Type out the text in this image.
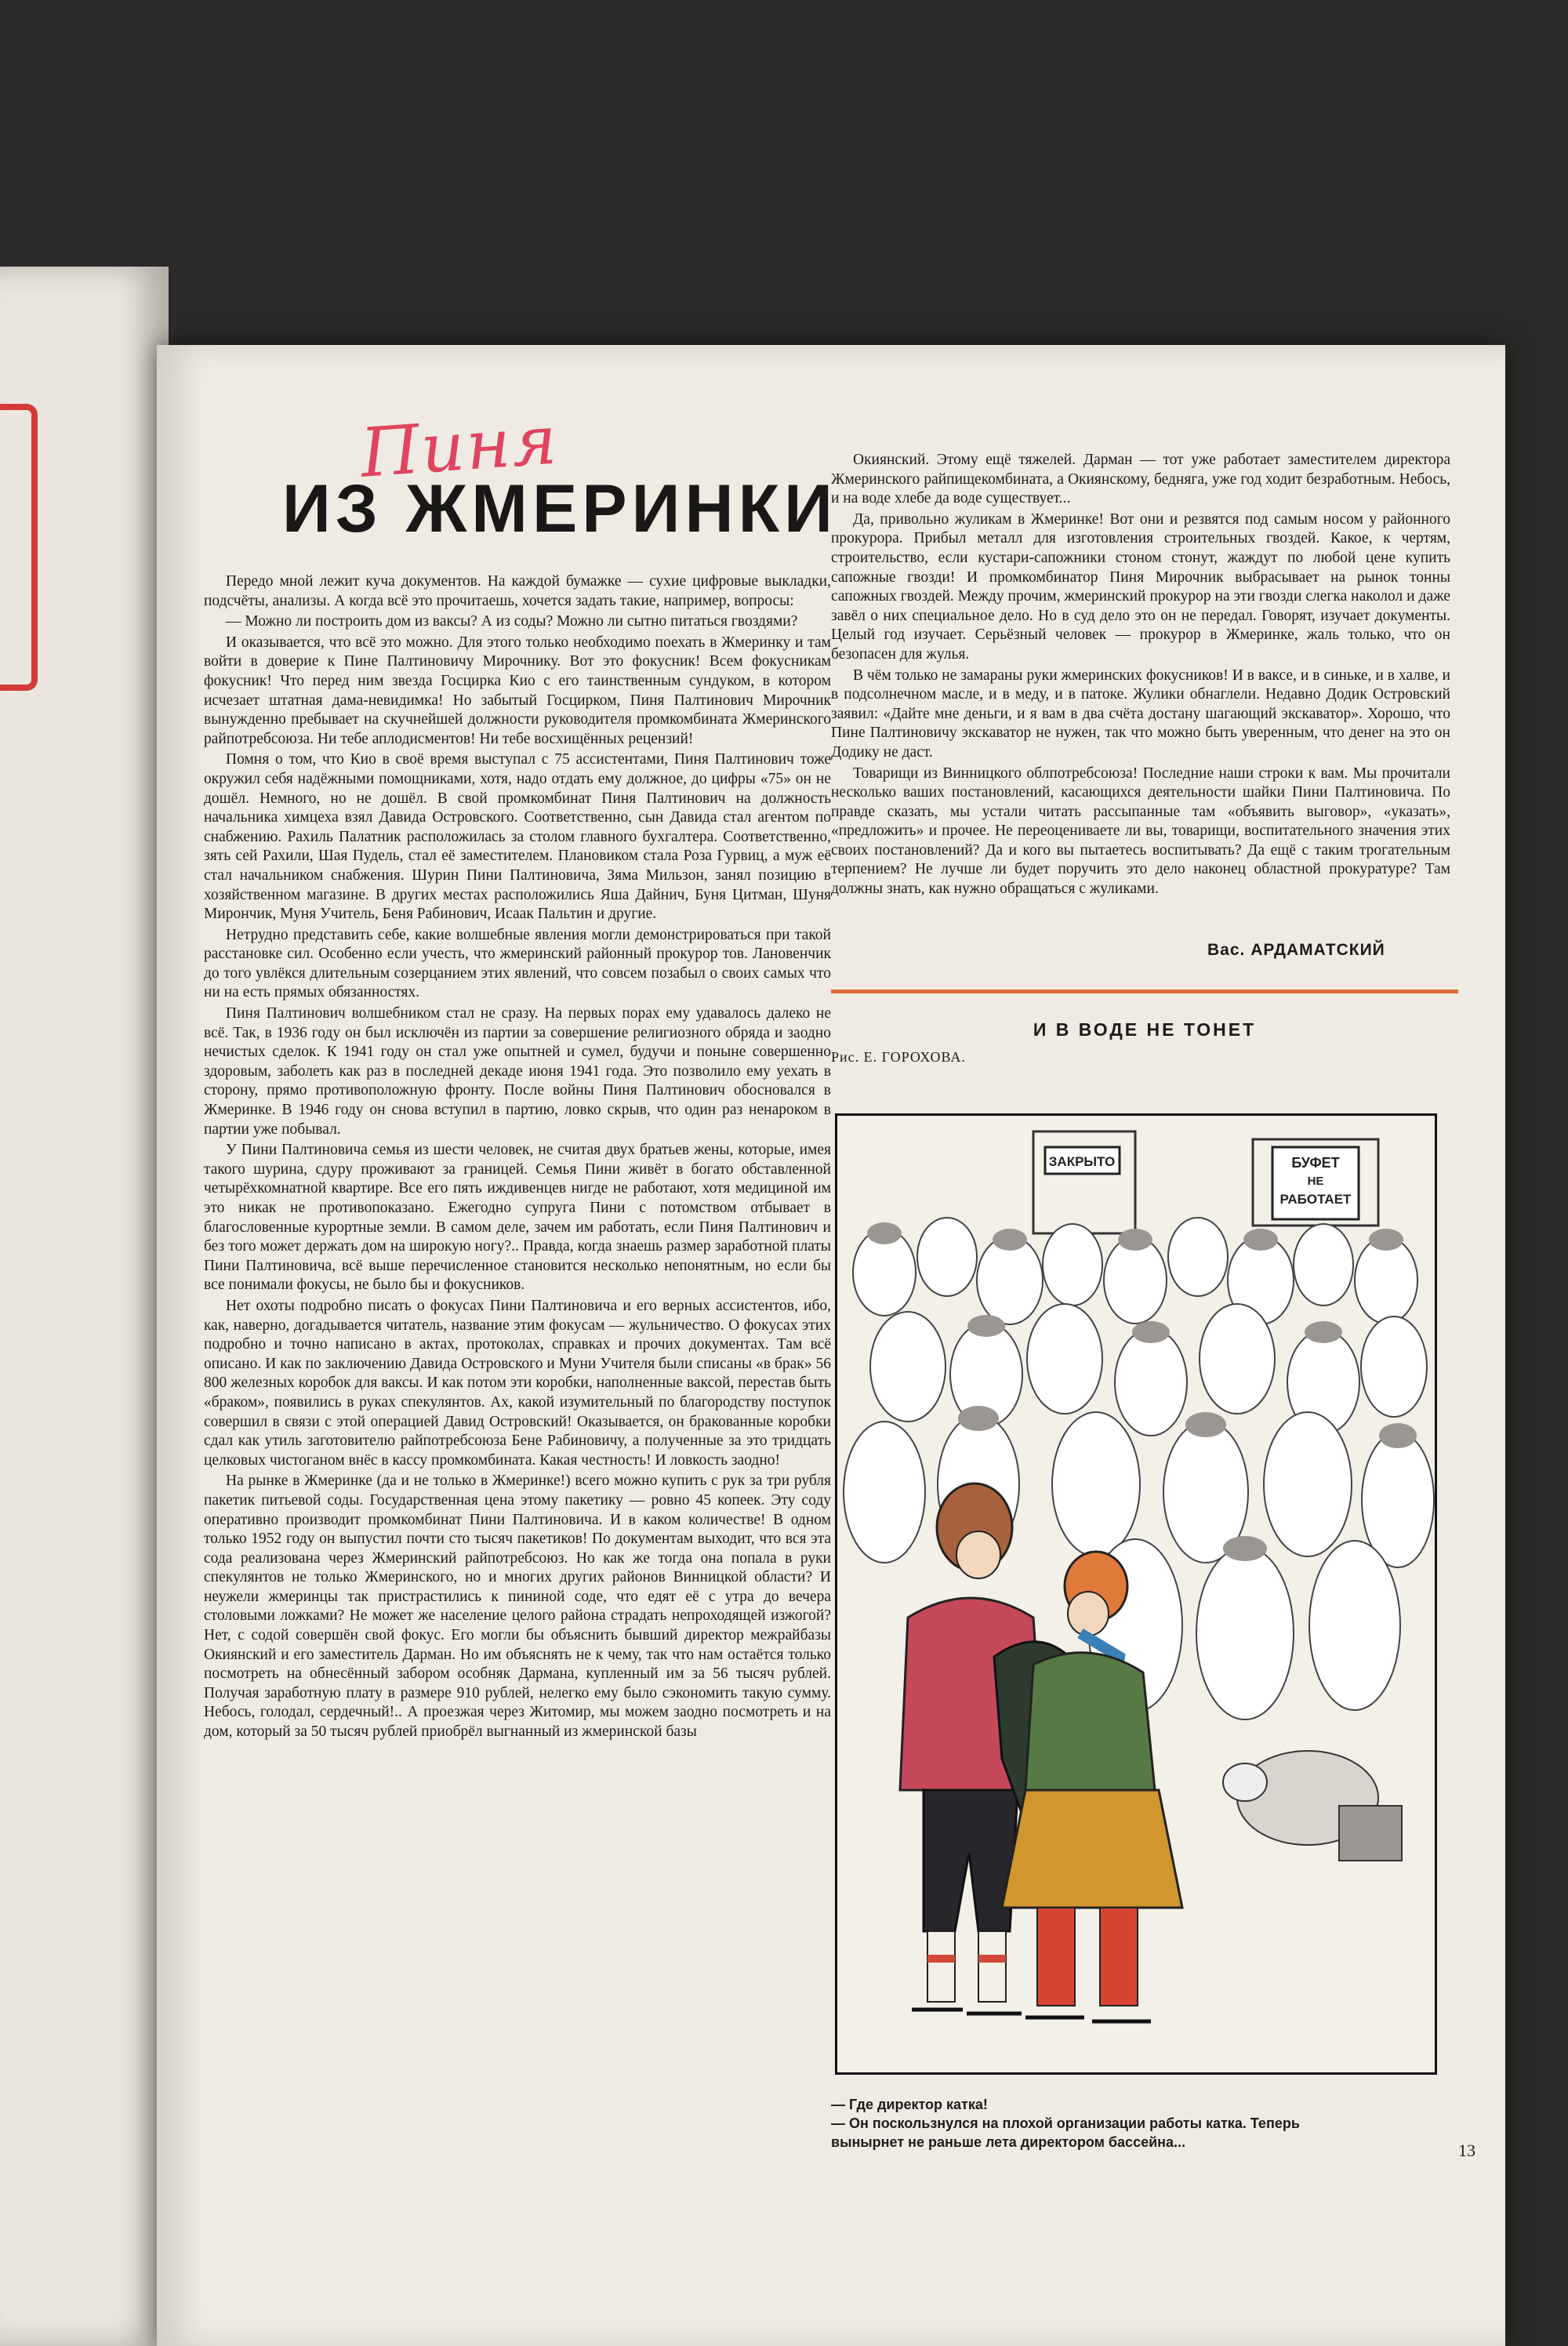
Пиня
ИЗ ЖМЕРИНКИ

Передо мной лежит куча документов. На каждой бумажке — сухие цифровые выкладки, подсчёты, анализы. А когда всё это прочитаешь, хочется задать такие, например, вопросы:

— Можно ли построить дом из ваксы? А из соды? Можно ли сытно питаться гвоздями?

И оказывается, что всё это можно. Для этого только необходимо поехать в Жмеринку и там войти в доверие к Пине Палтиновичу Мирочнику. Вот это фокусник! Всем фокусникам фокусник! Что перед ним звезда Госцирка Кио с его таинственным сундуком, в котором исчезает штатная дама-невидимка! Но забытый Госцирком, Пиня Палтинович Мирочник вынужденно пребывает на скучнейшей должности руководителя промкомбината Жмеринского райпотребсоюза. Ни тебе аплодисментов! Ни тебе восхищённых рецензий!

Помня о том, что Кио в своё время выступал с 75 ассистентами, Пиня Палтинович тоже окружил себя надёжными помощниками, хотя, надо отдать ему должное, до цифры «75» он не дошёл. Немного, но не дошёл. В свой промкомбинат Пиня Палтинович на должность начальника химцеха взял Давида Островского. Соответственно, сын Давида стал агентом по снабжению. Рахиль Палатник расположилась за столом главного бухгалтера. Соответственно, зять сей Рахили, Шая Пудель, стал её заместителем. Плановиком стала Роза Гурвиц, а муж её стал начальником снабжения. Шурин Пини Палтиновича, Зяма Мильзон, занял позицию в хозяйственном магазине. В других местах расположились Яша Дайнич, Буня Цитман, Шуня Мирончик, Муня Учитель, Беня Рабинович, Исаак Пальтин и другие.

Нетрудно представить себе, какие волшебные явления могли демонстрироваться при такой расстановке сил. Особенно если учесть, что жмеринский районный прокурор тов. Лановенчик до того увлёкся длительным созерцанием этих явлений, что совсем позабыл о своих самых что ни на есть прямых обязанностях.

Пиня Палтинович волшебником стал не сразу. На первых порах ему удавалось далеко не всё. Так, в 1936 году он был исключён из партии за совершение религиозного обряда и заодно нечистых сделок. К 1941 году он стал уже опытней и сумел, будучи и поныне совершенно здоровым, заболеть как раз в последней декаде июня 1941 года. Это позволило ему уехать в сторону, прямо противоположную фронту. После войны Пиня Палтинович обосновался в Жмеринке. В 1946 году он снова вступил в партию, ловко скрыв, что один раз ненароком в партии уже побывал.

У Пини Палтиновича семья из шести человек, не считая двух братьев жены, которые, имея такого шурина, сдуру проживают за границей. Семья Пини живёт в богато обставленной четырёхкомнатной квартире. Все его пять иждивенцев нигде не работают, хотя медициной им это никак не противопоказано. Ежегодно супруга Пини с потомством отбывает в благословенные курортные земли. В самом деле, зачем им работать, если Пиня Палтинович и без того может держать дом на широкую ногу?.. Правда, когда знаешь размер заработной платы Пини Палтиновича, всё выше перечисленное становится несколько непонятным, но если бы все понимали фокусы, не было бы и фокусников.

Нет охоты подробно писать о фокусах Пини Палтиновича и его верных ассистентов, ибо, как, наверно, догадывается читатель, название этим фокусам — жульничество. О фокусах этих подробно и точно написано в актах, протоколах, справках и прочих документах. Там всё описано. И как по заключению Давида Островского и Муни Учителя были списаны «в брак» 56 800 железных коробок для ваксы. И как потом эти коробки, наполненные ваксой, перестав быть «браком», появились в руках спекулянтов. Ах, какой изумительный по благородству поступок совершил в связи с этой операцией Давид Островский! Оказывается, он бракованные коробки сдал как утиль заготовителю райпотребсоюза Бене Рабиновичу, а полученные за это тридцать целковых чистоганом внёс в кассу промкомбината. Какая честность! И ловкость заодно!

На рынке в Жмеринке (да и не только в Жмеринке!) всего можно купить с рук за три рубля пакетик питьевой соды. Государственная цена этому пакетику — ровно 45 копеек. Эту соду оперативно производит промкомбинат Пини Палтиновича. И в каком количестве! В одном только 1952 году он выпустил почти сто тысяч пакетиков! По документам выходит, что вся эта сода реализована через Жмеринский райпотребсоюз. Но как же тогда она попала в руки спекулянтов не только Жмеринского, но и многих других районов Винницкой области? И неужели жмеринцы так пристрастились к пининой соде, что едят её с утра до вечера столовыми ложками? Не может же население целого района страдать непроходящей изжогой? Нет, с содой совершён свой фокус. Его могли бы объяснить бывший директор межрайбазы Окиянский и его заместитель Дарман. Но им объяснять не к чему, так что нам остаётся только посмотреть на обнесённый забором особняк Дармана, купленный им за 56 тысяч рублей. Получая заработную плату в размере 910 рублей, нелегко ему было сэкономить такую сумму. Небось, голодал, сердечный!.. А проезжая через Житомир, мы можем заодно посмотреть и на дом, который за 50 тысяч рублей приобрёл выгнанный из жмеринской базы

Окиянский. Этому ещё тяжелей. Дарман — тот уже работает заместителем директора Жмеринского райпищекомбината, а Окиянскому, бедняга, уже год ходит безработным. Небось, и на воде хлебе да воде существует...

Да, привольно жуликам в Жмеринке! Вот они и резвятся под самым носом у районного прокурора. Прибыл металл для изготовления строительных гвоздей. Какое, к чертям, строительство, если кустари-сапожники стоном стонут, жаждут по любой цене купить сапожные гвозди! И промкомбинатор Пиня Мирочник выбрасывает на рынок тонны сапожных гвоздей. Между прочим, жмеринский прокурор на эти гвозди слегка наколол и даже завёл о них специальное дело. Но в суд дело это он не передал. Говорят, изучает документы. Целый год изучает. Серьёзный человек — прокурор в Жмеринке, жаль только, что он безопасен для жулья.

В чём только не замараны руки жмеринских фокусников! И в ваксе, и в синьке, и в халве, и в подсолнечном масле, и в меду, и в патоке. Жулики обнаглели. Недавно Додик Островский заявил: «Дайте мне деньги, и я вам в два счёта достану шагающий экскаватор». Хорошо, что Пине Палтиновичу экскаватор не нужен, так что можно быть уверенным, что денег на это он Додику не даст.

Товарищи из Винницкого облпотребсоюза! Последние наши строки к вам. Мы прочитали несколько ваших постановлений, касающихся деятельности шайки Пини Палтиновича. По правде сказать, мы устали читать рассыпанные там «объявить выговор», «указать», «предложить» и прочее. Не переоцениваете ли вы, товарищи, воспитательного значения этих своих постановлений? Да и кого вы пытаетесь воспитывать? Да ещё с таким трогательным терпением? Не лучше ли будет поручить это дело наконец областной прокуратуре? Там должны знать, как нужно обращаться с жуликами.

Вас. АРДАМАТСКИЙ
И В ВОДЕ НЕ ТОНЕТ
Рис. Е. ГОРОХОВА.
ЗАКРЫТО	БУФЕТ
НЕ
РАБОТАЕТ
— Где директор катка!
— Он поскользнулся на плохой организации работы катка. Теперь
вынырнет не раньше лета директором бассейна...	13
